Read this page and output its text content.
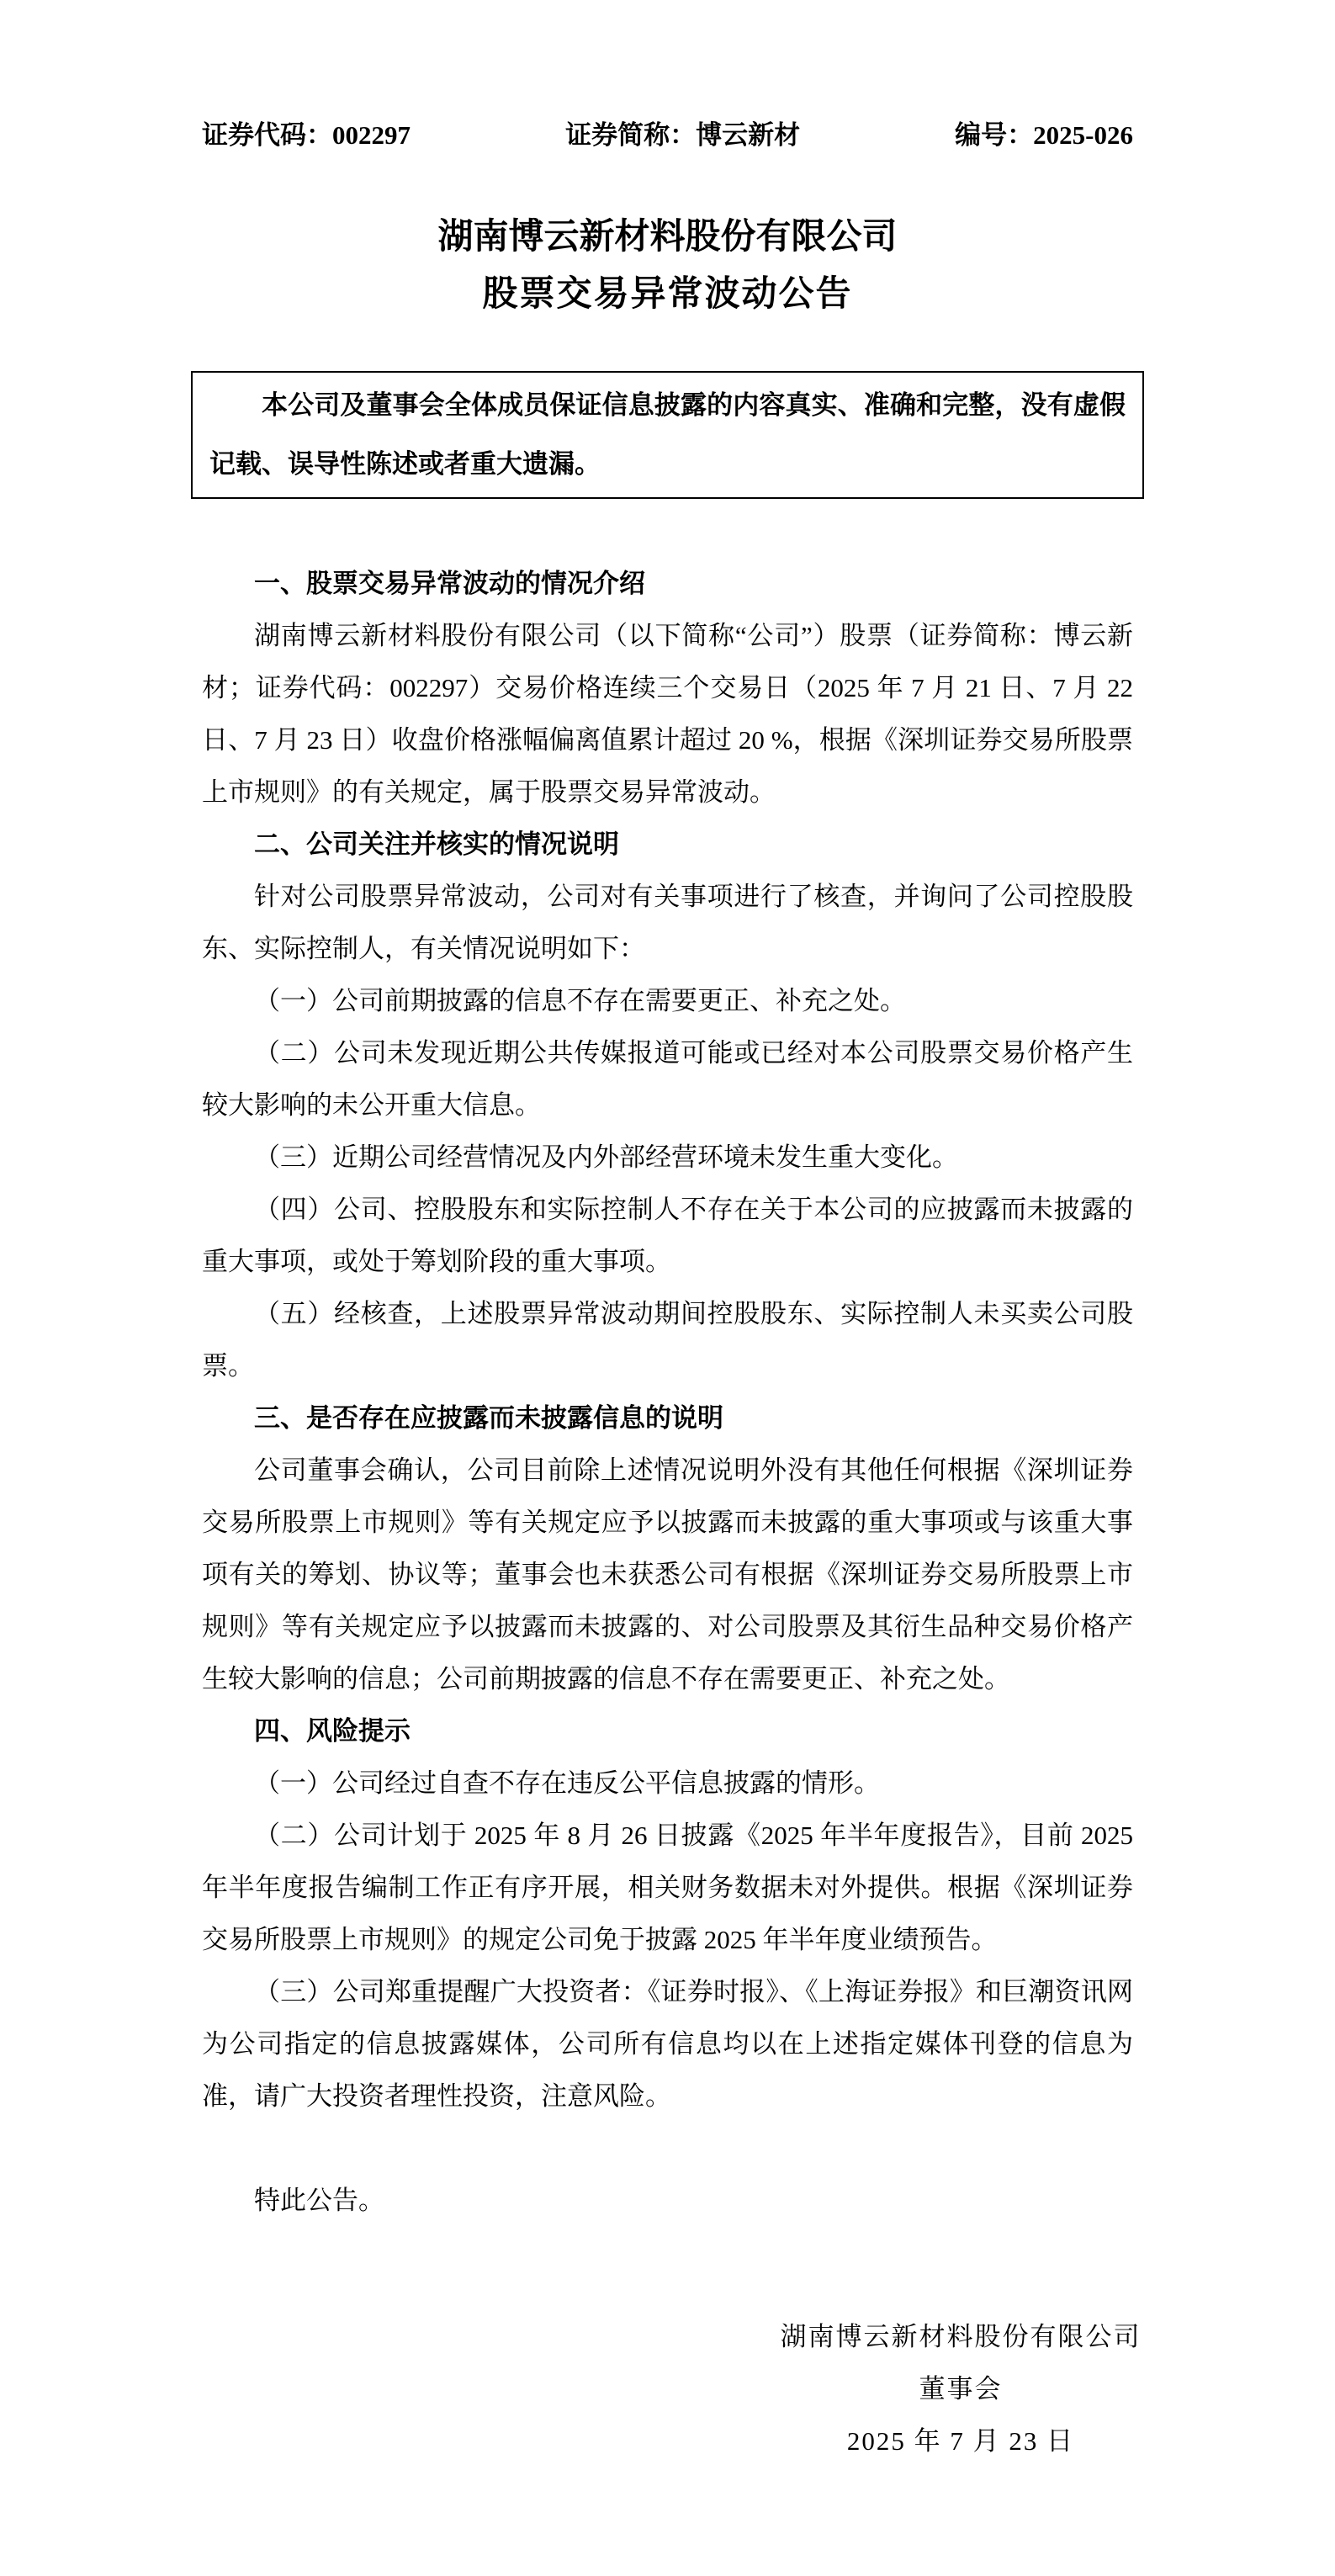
证券代码：002297	证券简称：博云新材	编号：2025-026
湖南博云新材料股份有限公司
股票交易异常波动公告

本公司及董事会全体成员保证信息披露的内容真实、准确和完整，没有虚假记载、误导性陈述或者重大遗漏。

一、股票交易异常波动的情况介绍

湖南博云新材料股份有限公司（以下简称“公司”）股票（证券简称：博云新材；证券代码：002297）交易价格连续三个交易日（2025 年 7 月 21 日、7 月 22 日、7 月 23 日）收盘价格涨幅偏离值累计超过 20 %，根据《深圳证券交易所股票上市规则》的有关规定，属于股票交易异常波动。

二、公司关注并核实的情况说明

针对公司股票异常波动，公司对有关事项进行了核查，并询问了公司控股股东、实际控制人，有关情况说明如下：

（一）公司前期披露的信息不存在需要更正、补充之处。

（二）公司未发现近期公共传媒报道可能或已经对本公司股票交易价格产生较大影响的未公开重大信息。

（三）近期公司经营情况及内外部经营环境未发生重大变化。

（四）公司、控股股东和实际控制人不存在关于本公司的应披露而未披露的重大事项，或处于筹划阶段的重大事项。

（五）经核查，上述股票异常波动期间控股股东、实际控制人未买卖公司股票。

三、是否存在应披露而未披露信息的说明

公司董事会确认，公司目前除上述情况说明外没有其他任何根据《深圳证券交易所股票上市规则》等有关规定应予以披露而未披露的重大事项或与该重大事项有关的筹划、协议等；董事会也未获悉公司有根据《深圳证券交易所股票上市规则》等有关规定应予以披露而未披露的、对公司股票及其衍生品种交易价格产生较大影响的信息；公司前期披露的信息不存在需要更正、补充之处。

四、风险提示

（一）公司经过自查不存在违反公平信息披露的情形。

（二）公司计划于 2025 年 8 月 26 日披露《2025 年半年度报告》，目前 2025 年半年度报告编制工作正有序开展，相关财务数据未对外提供。根据《深圳证券交易所股票上市规则》的规定公司免于披露 2025 年半年度业绩预告。

（三）公司郑重提醒广大投资者：《证券时报》、《上海证券报》和巨潮资讯网为公司指定的信息披露媒体，公司所有信息均以在上述指定媒体刊登的信息为准，请广大投资者理性投资，注意风险。

特此公告。

湖南博云新材料股份有限公司
董事会
2025 年 7 月 23 日
